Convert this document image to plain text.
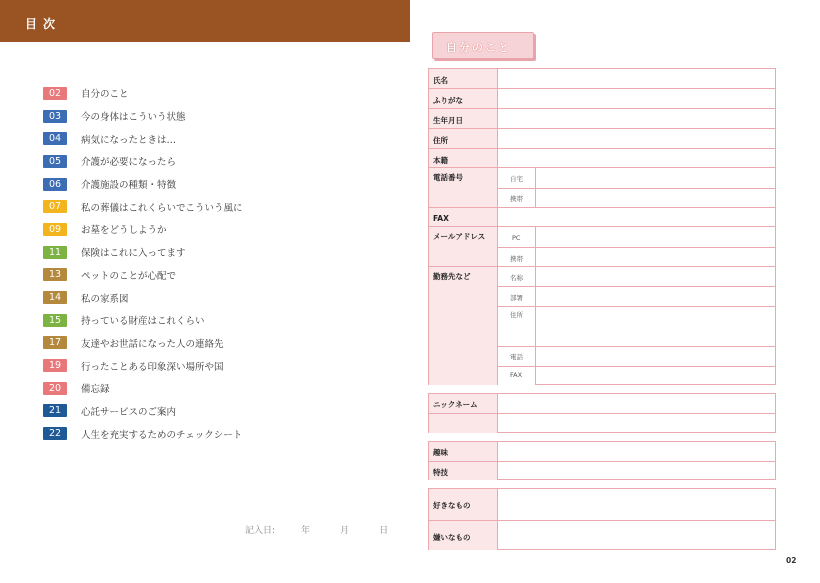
目次
02	自分のこと
03	今の身体はこういう状態
04	病気になったときは…
05	介護が必要になったら
06	介護施設の種類・特徴
07	私の葬儀はこれくらいでこういう風に
09	お墓をどうしようか
11	保険はこれに入ってます
13	ペットのことが心配で
14	私の家系図
15	持っている財産はこれくらい
17	友達やお世話になった人の連絡先
19	行ったことある印象深い場所や国
20	備忘録
21	心託サービスのご案内
22	人生を充実するためのチェックシート
記入日:	年	月	日
自分のこと
氏名
ふりがな
生年月日
住所
本籍
電話番号	自宅
携帯
FAX
メールアドレス	PC
携帯
勤務先など	名称
部署
住所
電話
FAX
ニックネーム
趣味
特技
好きなもの
嫌いなもの
02
